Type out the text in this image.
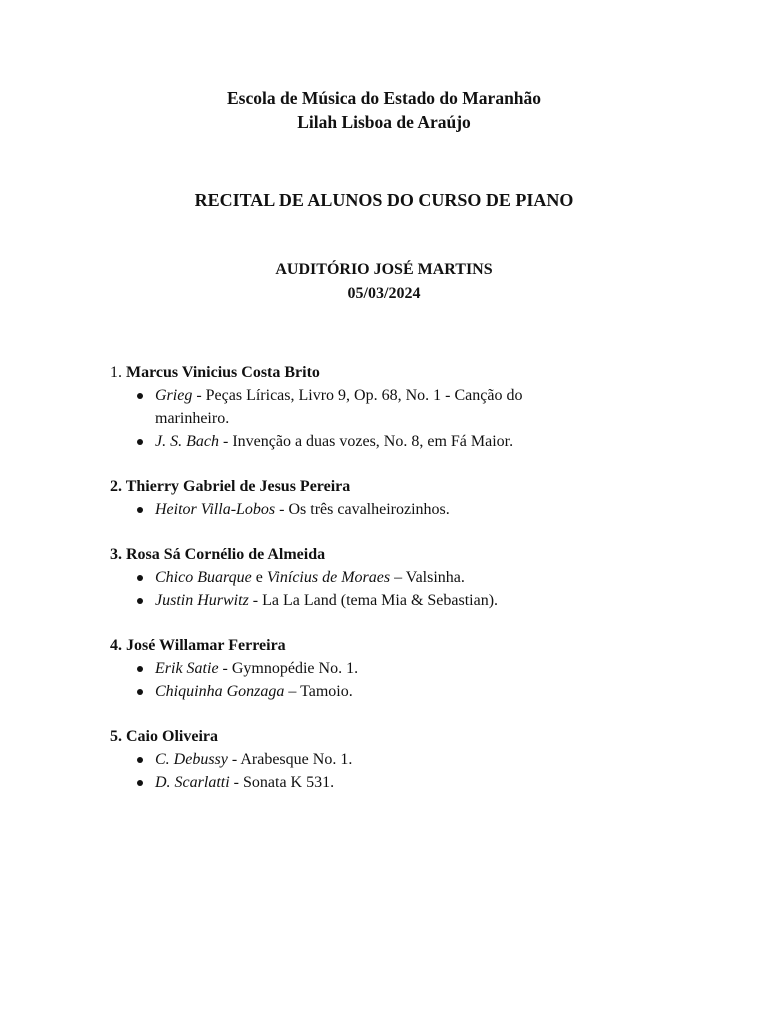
Escola de Música do Estado do Maranhão
Lilah Lisboa de Araújo
RECITAL DE ALUNOS DO CURSO DE PIANO
AUDITÓRIO JOSÉ MARTINS
05/03/2024
1. Marcus Vinicius Costa Brito
Grieg - Peças Líricas, Livro 9, Op. 68, No. 1 - Canção do marinheiro.
J. S. Bach - Invenção a duas vozes, No. 8, em Fá Maior.
2. Thierry Gabriel de Jesus Pereira
Heitor Villa-Lobos - Os três cavalheirozinhos.
3. Rosa Sá Cornélio de Almeida
Chico Buarque e Vinícius de Moraes – Valsinha.
Justin Hurwitz - La La Land (tema Mia & Sebastian).
4. José Willamar Ferreira
Erik Satie - Gymnopédie No. 1.
Chiquinha Gonzaga – Tamoio.
5. Caio Oliveira
C. Debussy - Arabesque No. 1.
D. Scarlatti - Sonata K 531.
